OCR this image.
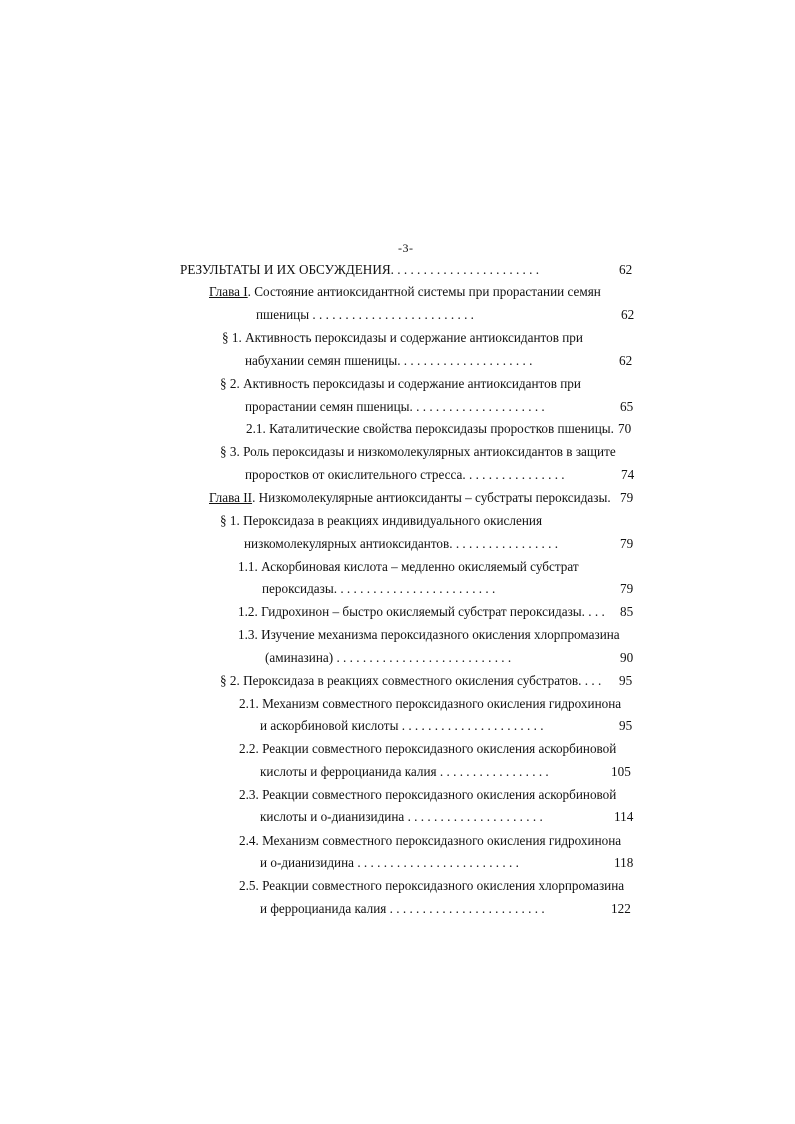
-3-
РЕЗУЛЬТАТЫ И ИХ ОБСУЖДЕНИЯ. . . . . . . . . . . . . . . . . . . . . . .	62
Глава I. Состояние антиоксидантной системы при прорастании семян
пшеницы . . . . . . . . . . . . . . . . . . . . . . . . .	62
§ 1. Активность пероксидазы и содержание антиоксидантов при
набухании семян пшеницы. . . . . . . . . . . . . . . . . . . . .	62
§ 2. Активность пероксидазы и содержание антиоксидантов при
прорастании семян пшеницы. . . . . . . . . . . . . . . . . . . . .	65
2.1. Каталитические свойства пероксидазы проростков пшеницы. 70
§ 3. Роль пероксидазы и низкомолекулярных антиоксидантов в защите
проростков от окислительного стресса. . . . . . . . . . . . . . . .	74
Глава II. Низкомолекулярные антиоксиданты – субстраты пероксидазы. 79
§ 1. Пероксидаза в реакциях индивидуального окисления
низкомолекулярных антиоксидантов. . . . . . . . . . . . . . . . .	79
1.1. Аскорбиновая кислота – медленно окисляемый субстрат
пероксидазы. . . . . . . . . . . . . . . . . . . . . . . . .	79
1.2. Гидрохинон – быстро окисляемый субстрат пероксидазы. . . . 85
1.3. Изучение механизма пероксидазного окисления хлорпромазина
(аминазина) . . . . . . . . . . . . . . . . . . . . . . . . . . .	90
§ 2. Пероксидаза в реакциях совместного окисления субстратов. . . . 95
2.1. Механизм совместного пероксидазного окисления гидрохинона
и аскорбиновой кислоты . . . . . . . . . . . . . . . . . . . . . .	95
2.2. Реакции совместного пероксидазного окисления аскорбиновой
кислоты и ферроцианида калия . . . . . . . . . . . . . . . . .	105
2.3. Реакции совместного пероксидазного окисления аскорбиновой
кислоты и о-дианизидина . . . . . . . . . . . . . . . . . . . . .	114
2.4. Механизм совместного пероксидазного окисления гидрохинона
и о-дианизидина . . . . . . . . . . . . . . . . . . . . . . . . .	118
2.5. Реакции совместного пероксидазного окисления хлорпромазина
и ферроцианида калия . . . . . . . . . . . . . . . . . . . . . . . .	122
